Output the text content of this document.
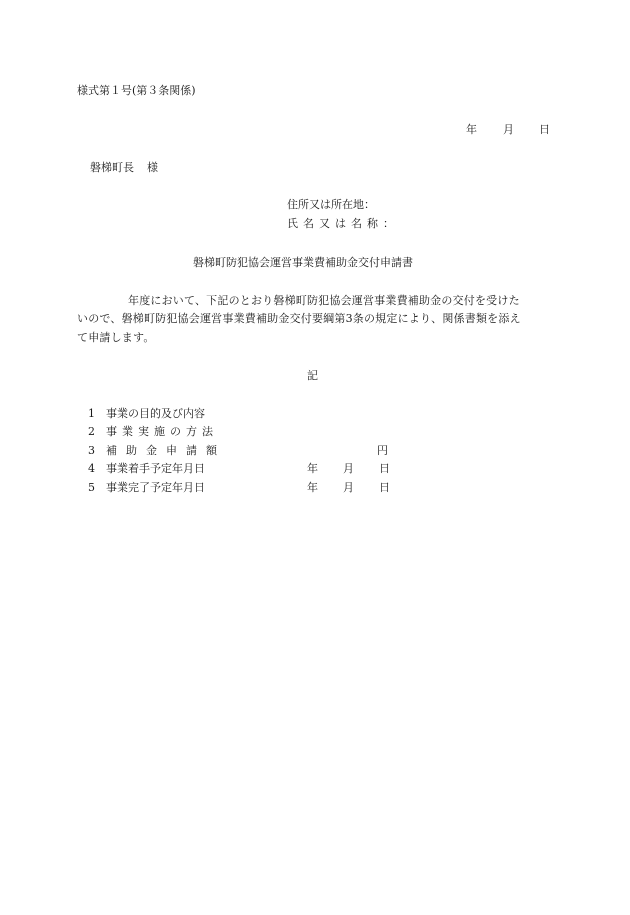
様式第１号(第３条関係)
年 月 日
磐梯町長 様
住所又は所在地：
氏名又は名称：
磐梯町防犯協会運営事業費補助金交付申請書
年度において、下記のとおり磐梯町防犯協会運営事業費補助金の交付を受けた
いので、磐梯町防犯協会運営事業費補助金交付要綱第3条の規定により、関係書類を添え
て申請します。
記
1 事業の目的及び内容
2 事業実施の方法
3 補助金申請額	円
4 事業着手予定年月日	年 月 日
5 事業完了予定年月日	年 月 日
